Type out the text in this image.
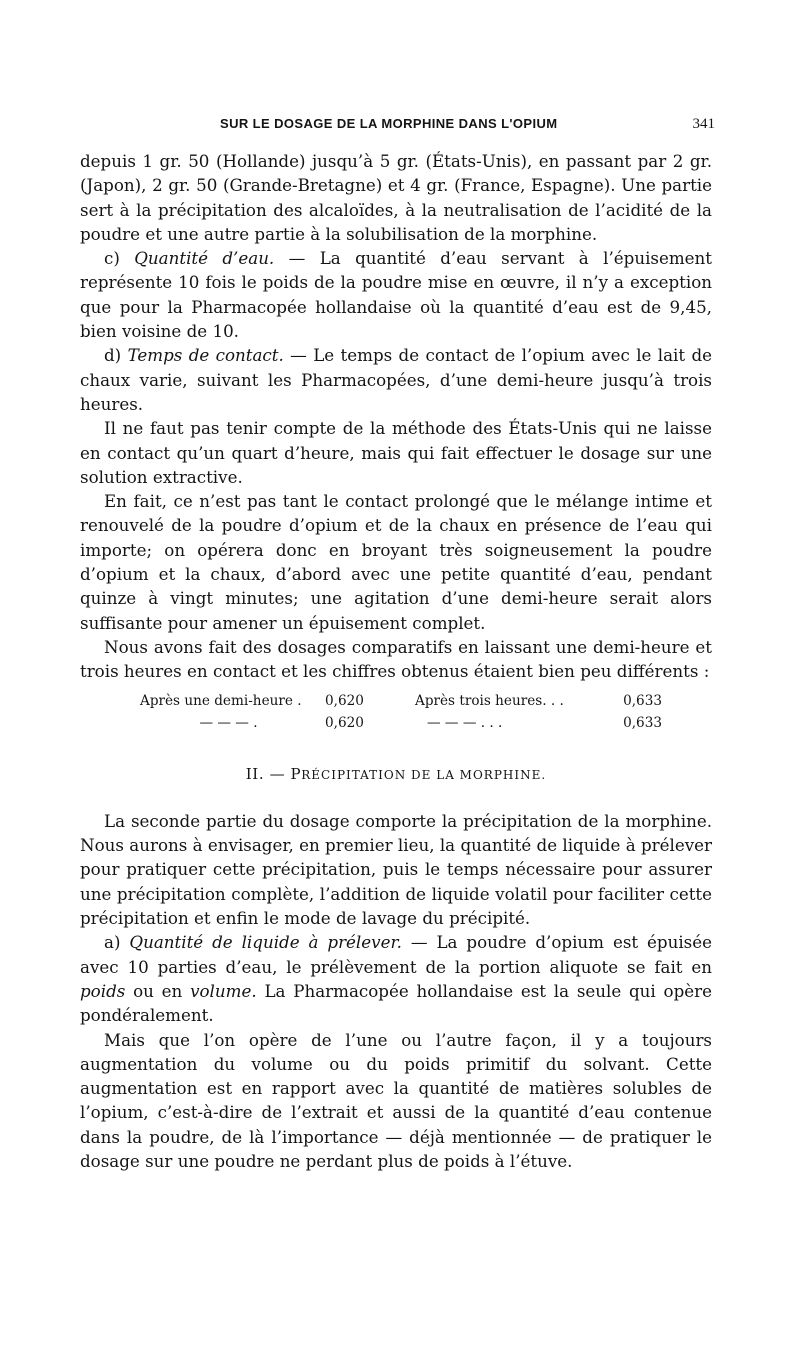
SUR LE DOSAGE DE LA MORPHINE DANS L'OPIUM	341

depuis 1 gr. 50 (Hollande) jusqu’à 5 gr. (États-Unis), en passant par 2 gr. (Japon), 2 gr. 50 (Grande-Bretagne) et 4 gr. (France, Espagne). Une partie sert à la précipitation des alcaloïdes, à la neutralisation de l’acidité de la poudre et une autre partie à la solubilisation de la morphine.

c) Quantité d’eau. — La quantité d’eau servant à l’épuisement représente 10 fois le poids de la poudre mise en œuvre, il n’y a exception que pour la Pharmacopée hollandaise où la quantité d’eau est de 9,45, bien voisine de 10.

d) Temps de contact. — Le temps de contact de l’opium avec le lait de chaux varie, suivant les Pharmacopées, d’une demi-heure jusqu’à trois heures.

Il ne faut pas tenir compte de la méthode des États-Unis qui ne laisse en contact qu’un quart d’heure, mais qui fait effectuer le dosage sur une solution extractive.

En fait, ce n’est pas tant le contact prolongé que le mélange intime et renouvelé de la poudre d’opium et de la chaux en présence de l’eau qui importe; on opérera donc en broyant très soigneusement la poudre d’opium et la chaux, d’abord avec une petite quantité d’eau, pendant quinze à vingt minutes; une agitation d’une demi-heure serait alors suffisante pour amener un épuisement complet.

Nous avons fait des dosages comparatifs en laissant une demi-heure et trois heures en contact et les chiffres obtenus étaient bien peu différents :

Après une demi-heure .	0,620	Après trois heures. . .	0,633
— — — .	0,620	— — — . . .	0,633
II. — PRÉCIPITATION DE LA MORPHINE.

La seconde partie du dosage comporte la précipitation de la morphine. Nous aurons à envisager, en premier lieu, la quantité de liquide à prélever pour pratiquer cette précipitation, puis le temps nécessaire pour assurer une précipitation complète, l’addition de liquide volatil pour faciliter cette précipitation et enfin le mode de lavage du précipité.

a) Quantité de liquide à prélever. — La poudre d’opium est épuisée avec 10 parties d’eau, le prélèvement de la portion aliquote se fait en poids ou en volume. La Pharmacopée hollandaise est la seule qui opère pondéralement.

Mais que l’on opère de l’une ou l’autre façon, il y a toujours augmentation du volume ou du poids primitif du solvant. Cette augmentation est en rapport avec la quantité de matières solubles de l’opium, c’est-à-dire de l’extrait et aussi de la quantité d’eau contenue dans la poudre, de là l’importance — déjà mentionnée — de pratiquer le dosage sur une poudre ne perdant plus de poids à l’étuve.
